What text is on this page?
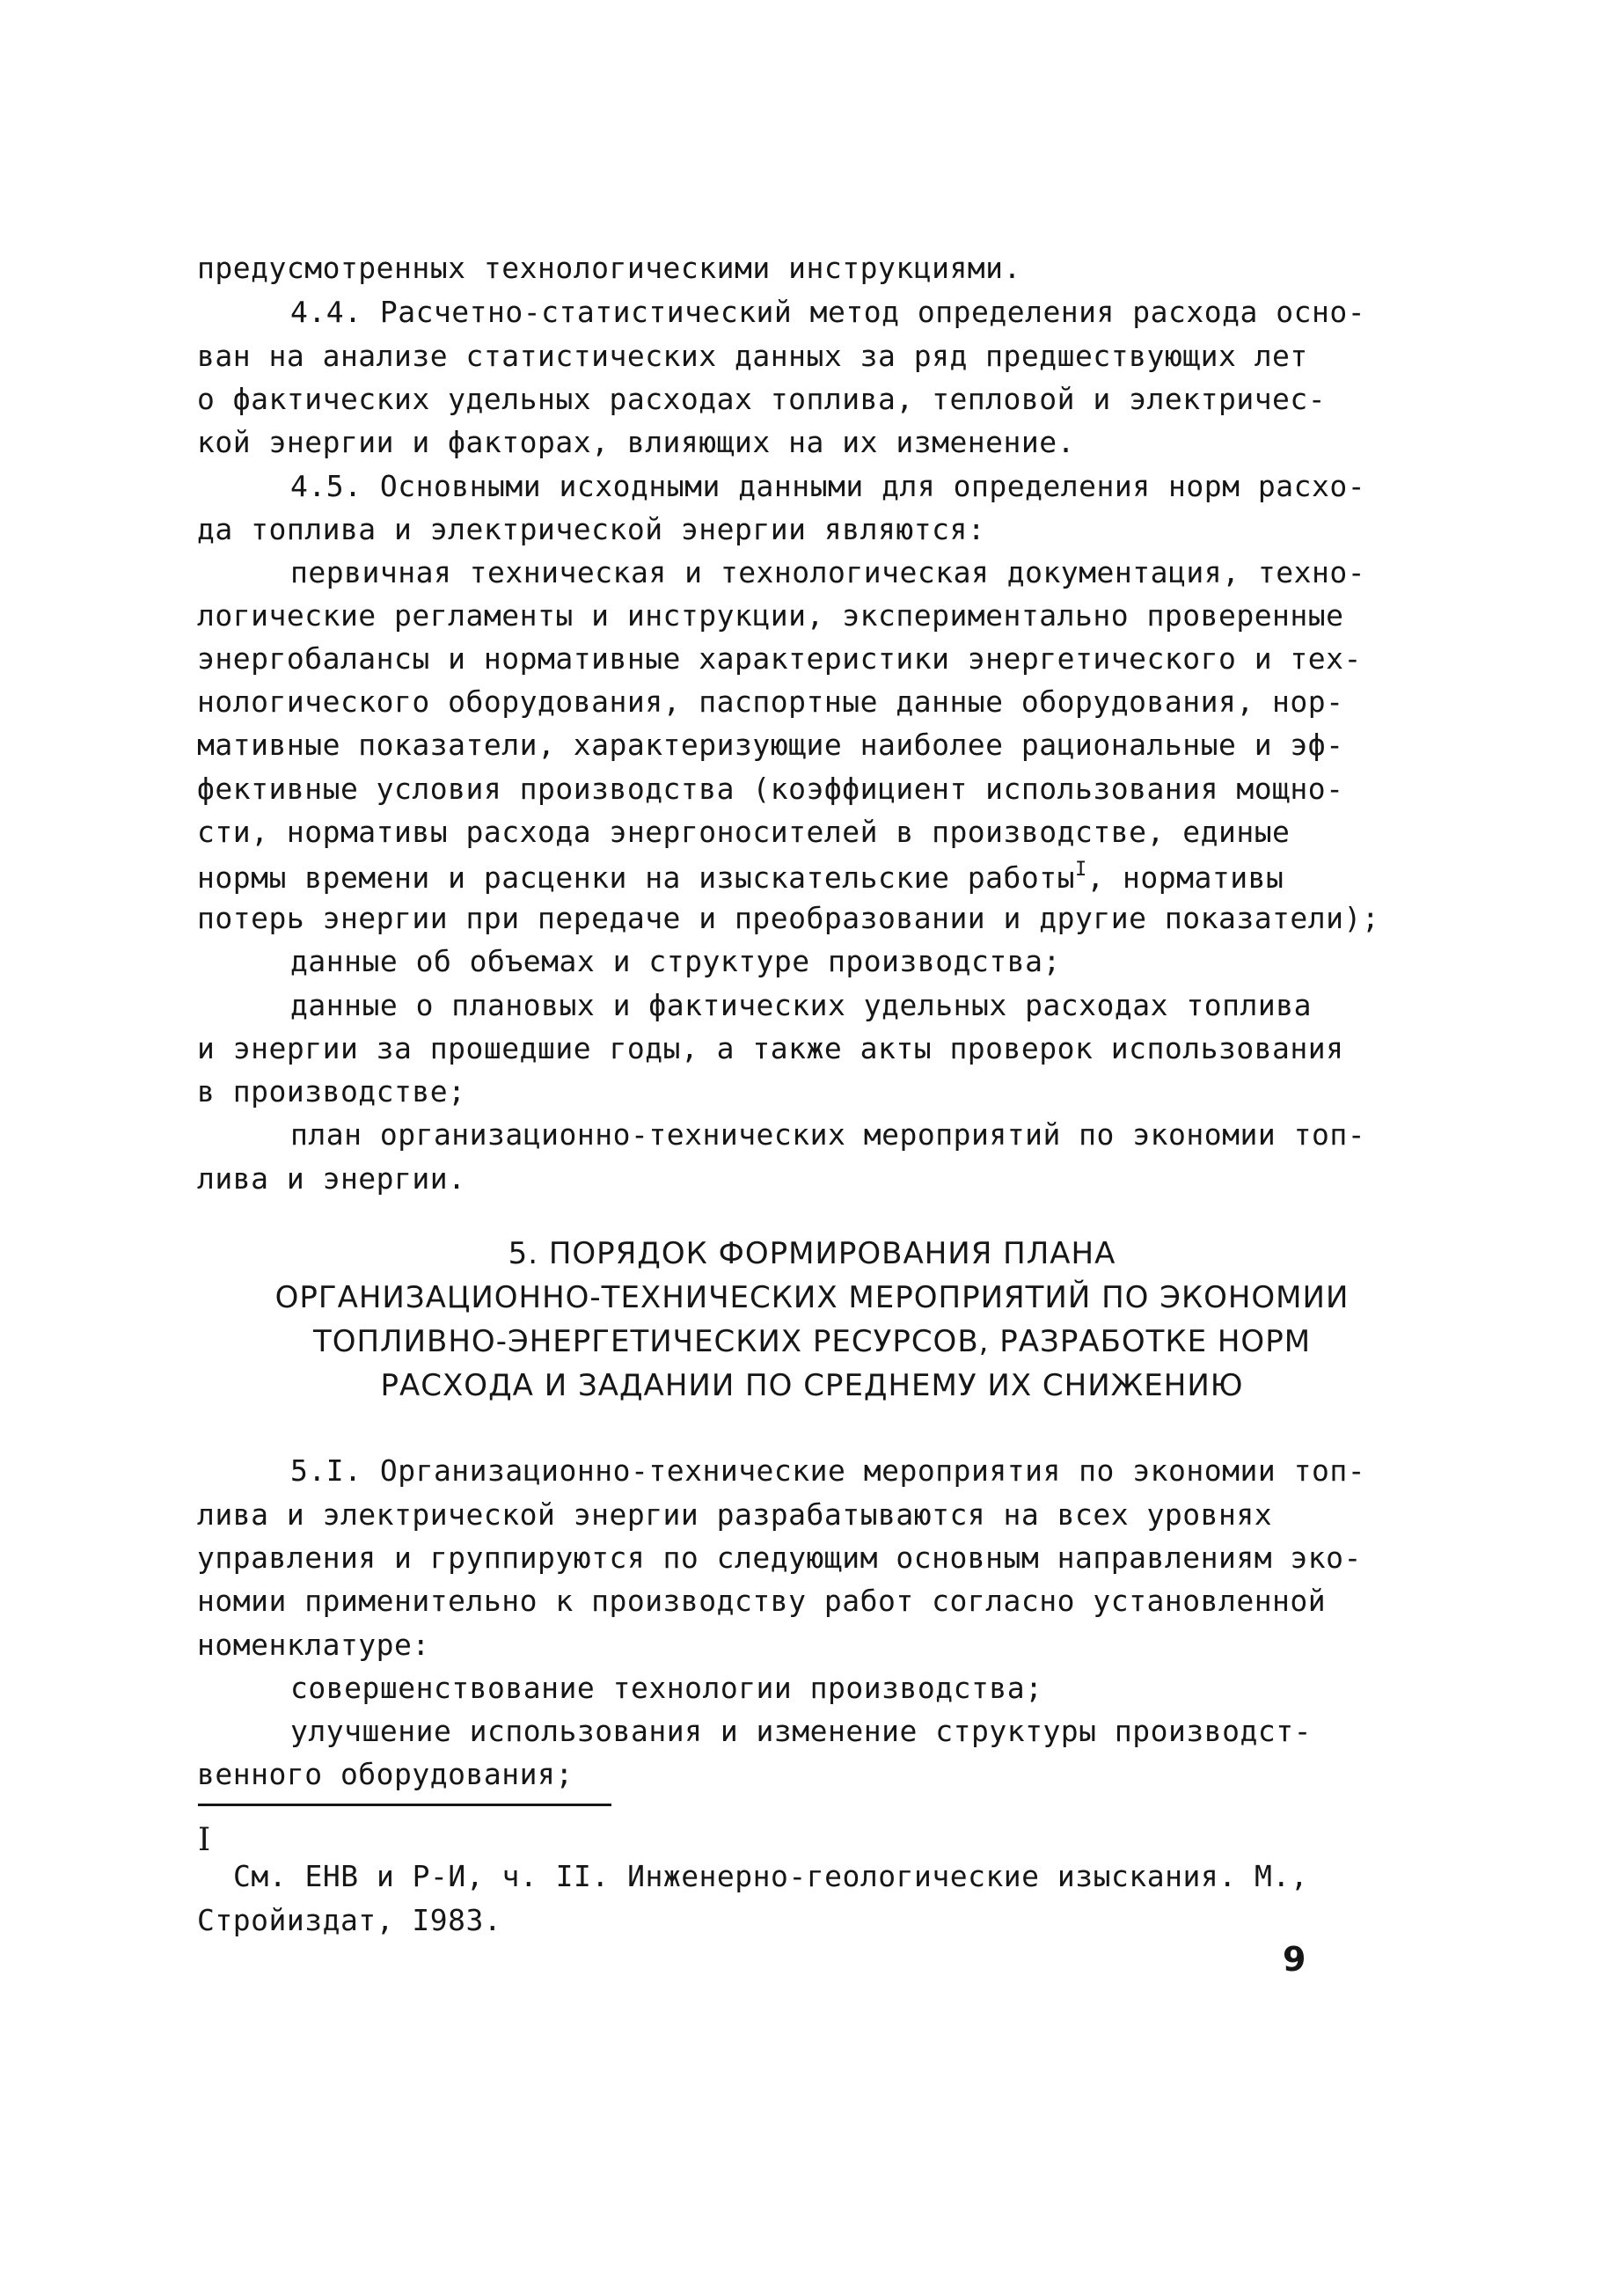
предусмотренных технологическими инструкциями.
4.4. Расчетно-статистический метод определения расхода осно-
ван на анализе статистических данных за ряд предшествующих лет
о фактических удельных расходах топлива, тепловой и электричес-
кой энергии и факторах, влияющих на их изменение.
4.5. Основными исходными данными для определения норм расхо-
да топлива и электрической энергии являются:
первичная техническая и технологическая документация, техно-
логические регламенты и инструкции, экспериментально проверенные
энергобалансы и нормативные характеристики энергетического и тех-
нологического оборудования, паспортные данные оборудования, нор-
мативные показатели, характеризующие наиболее рациональные и эф-
фективные условия производства (коэффициент использования мощно-
сти, нормативы расхода энергоносителей в производстве, единые
нормы времени и расценки на изыскательские работы$^I$, нормативы
потерь энергии при передаче и преобразовании и другие показатели);
данные об объемах и структуре производства;
данные о плановых и фактических удельных расходах топлива
и энергии за прошедшие годы, а также акты проверок использования
в производстве;
план организационно-технических мероприятий по экономии топ-
лива и энергии.
5. ПОРЯДОК ФОРМИРОВАНИЯ ПЛАНА
ОРГАНИЗАЦИОННО-ТЕХНИЧЕСКИХ МЕРОПРИЯТИЙ ПО ЭКОНОМИИ
ТОПЛИВНО-ЭНЕРГЕТИЧЕСКИХ РЕСУРСОВ, РАЗРАБОТКЕ НОРМ
РАСХОДА И ЗАДАНИИ ПО СРЕДНЕМУ ИХ СНИЖЕНИЮ
5.I. Организационно-технические мероприятия по экономии топ-
лива и электрической энергии разрабатываются на всех уровнях
управления и группируются по следующим основным направлениям эко-
номии применительно к производству работ согласно установленной
номенклатуре:
совершенствование технологии производства;
улучшение использования и изменение структуры производст-
венного оборудования;
I
См. ЕНВ и Р-И, ч. II. Инженерно-геологические изыскания. М.,
Стройиздат, I983.
9
